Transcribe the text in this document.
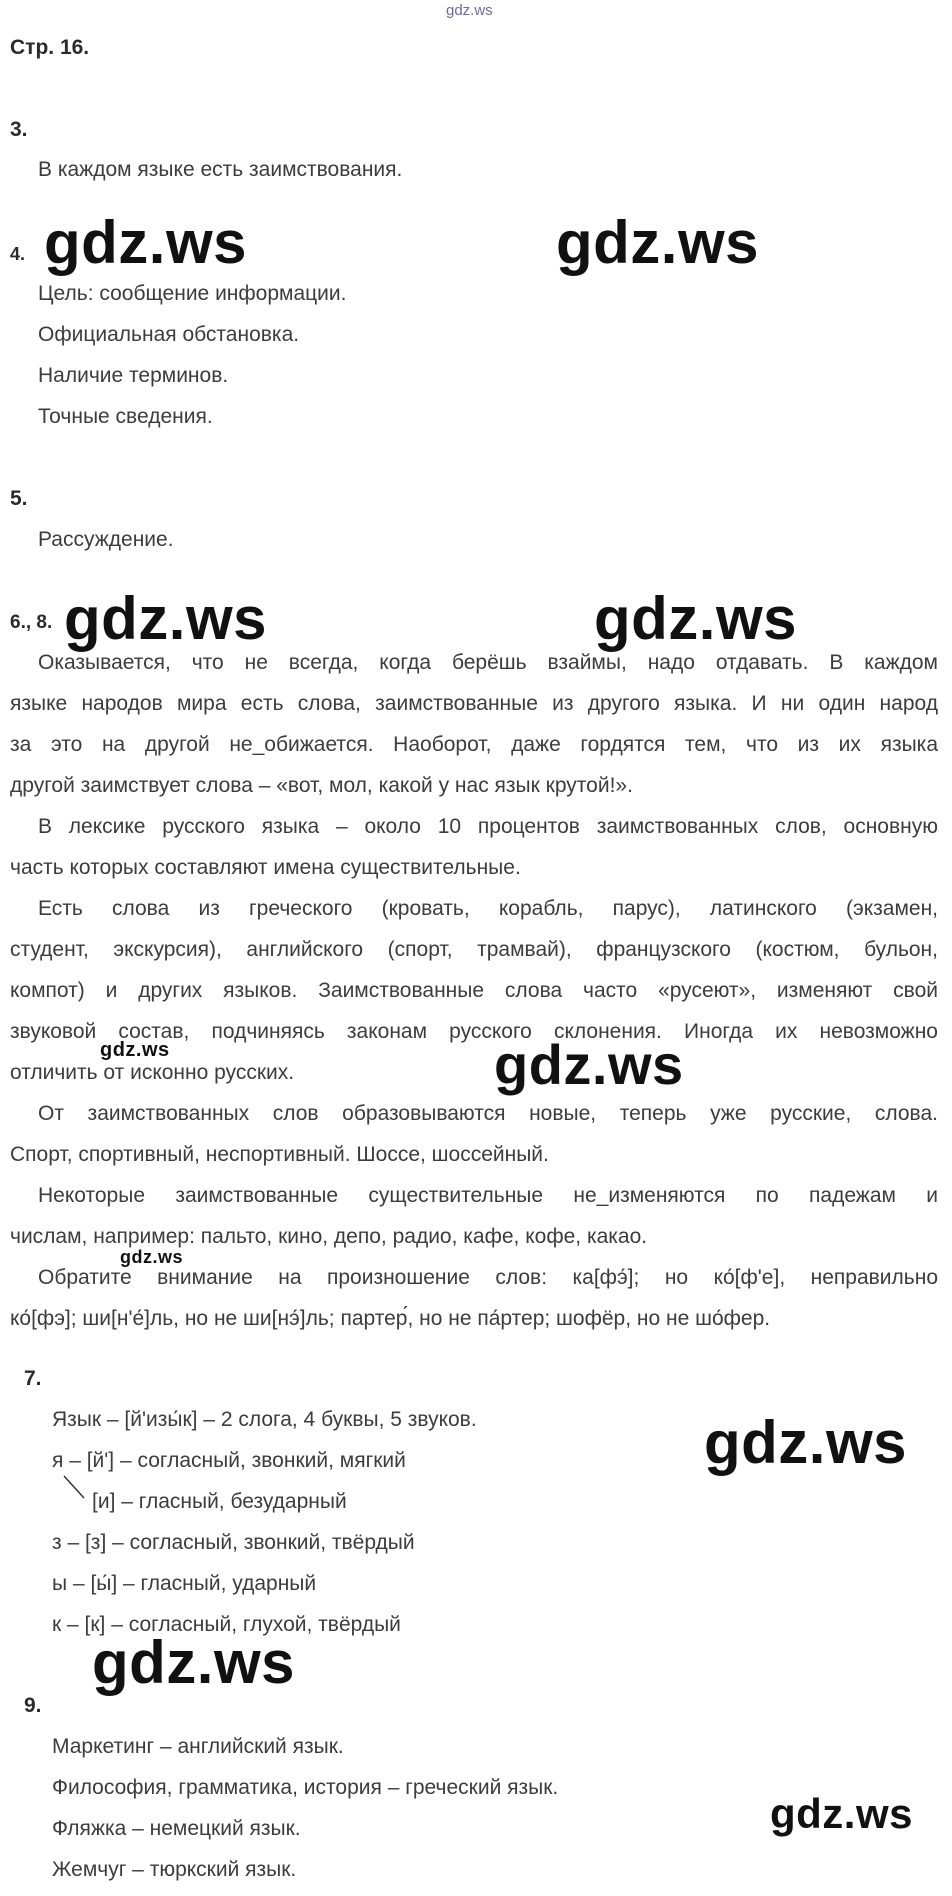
gdz.ws
Стр. 16.
3.
В каждом языке есть заимствования.
4. gdz.ws	gdz.ws
Цель: сообщение информации.
Официальная обстановка.
Наличие терминов.
Точные сведения.
5.
Рассуждение.
6., 8. gdz.ws	gdz.ws
Оказывается, что не всегда, когда берёшь взаймы, надо отдавать. В каждом
языке народов мира есть слова, заимствованные из другого языка. И ни один народ
за это на другой не_обижается. Наоборот, даже гордятся тем, что из их языка
другой заимствует слова – «вот, мол, какой у нас язык крутой!».
В лексике русского языка – около 10 процентов заимствованных слов, основную
часть которых составляют имена существительные.
Есть слова из греческого (кровать, корабль, парус), латинского (экзамен,
студент, экскурсия), английского (спорт, трамвай), французского (костюм, бульон,
компот) и других языков. Заимствованные слова часто «русеют», изменяют свой
звуковой состав, подчиняясь законам русского склонения. Иногда их невозможно
gdz.ws
отличить от исконно русских.	gdz.ws
От заимствованных слов образовываются новые, теперь уже русские, слова.
Спорт, спортивный, неспортивный. Шоссе, шоссейный.
Некоторые заимствованные существительные не_изменяются по падежам и
числам, например: пальто, кино, депо, радио, кафе, кофе, какао.
gdz.ws
Обратите внимание на произношение слов: ка[фэ́]; но ко́[ф'е], неправильно
ко́[фэ]; ши[н'е́]ль, но не ши[нэ́]ль; партер́, но не па́ртер; шофёр, но не шо́фер.
7.
Язык – [й'изы́к] – 2 слога, 4 буквы, 5 звуков.	gdz.ws
я – [й'] – согласный, звонкий, мягкий
[и] – гласный, безударный
з – [з] – согласный, звонкий, твёрдый
ы – [ы́] – гласный, ударный
к – [к] – согласный, глухой, твёрдый
gdz.ws
9.
Маркетинг – английский язык.
Философия, грамматика, история – греческий язык.
Фляжка – немецкий язык.	gdz.ws
Жемчуг – тюркский язык.
